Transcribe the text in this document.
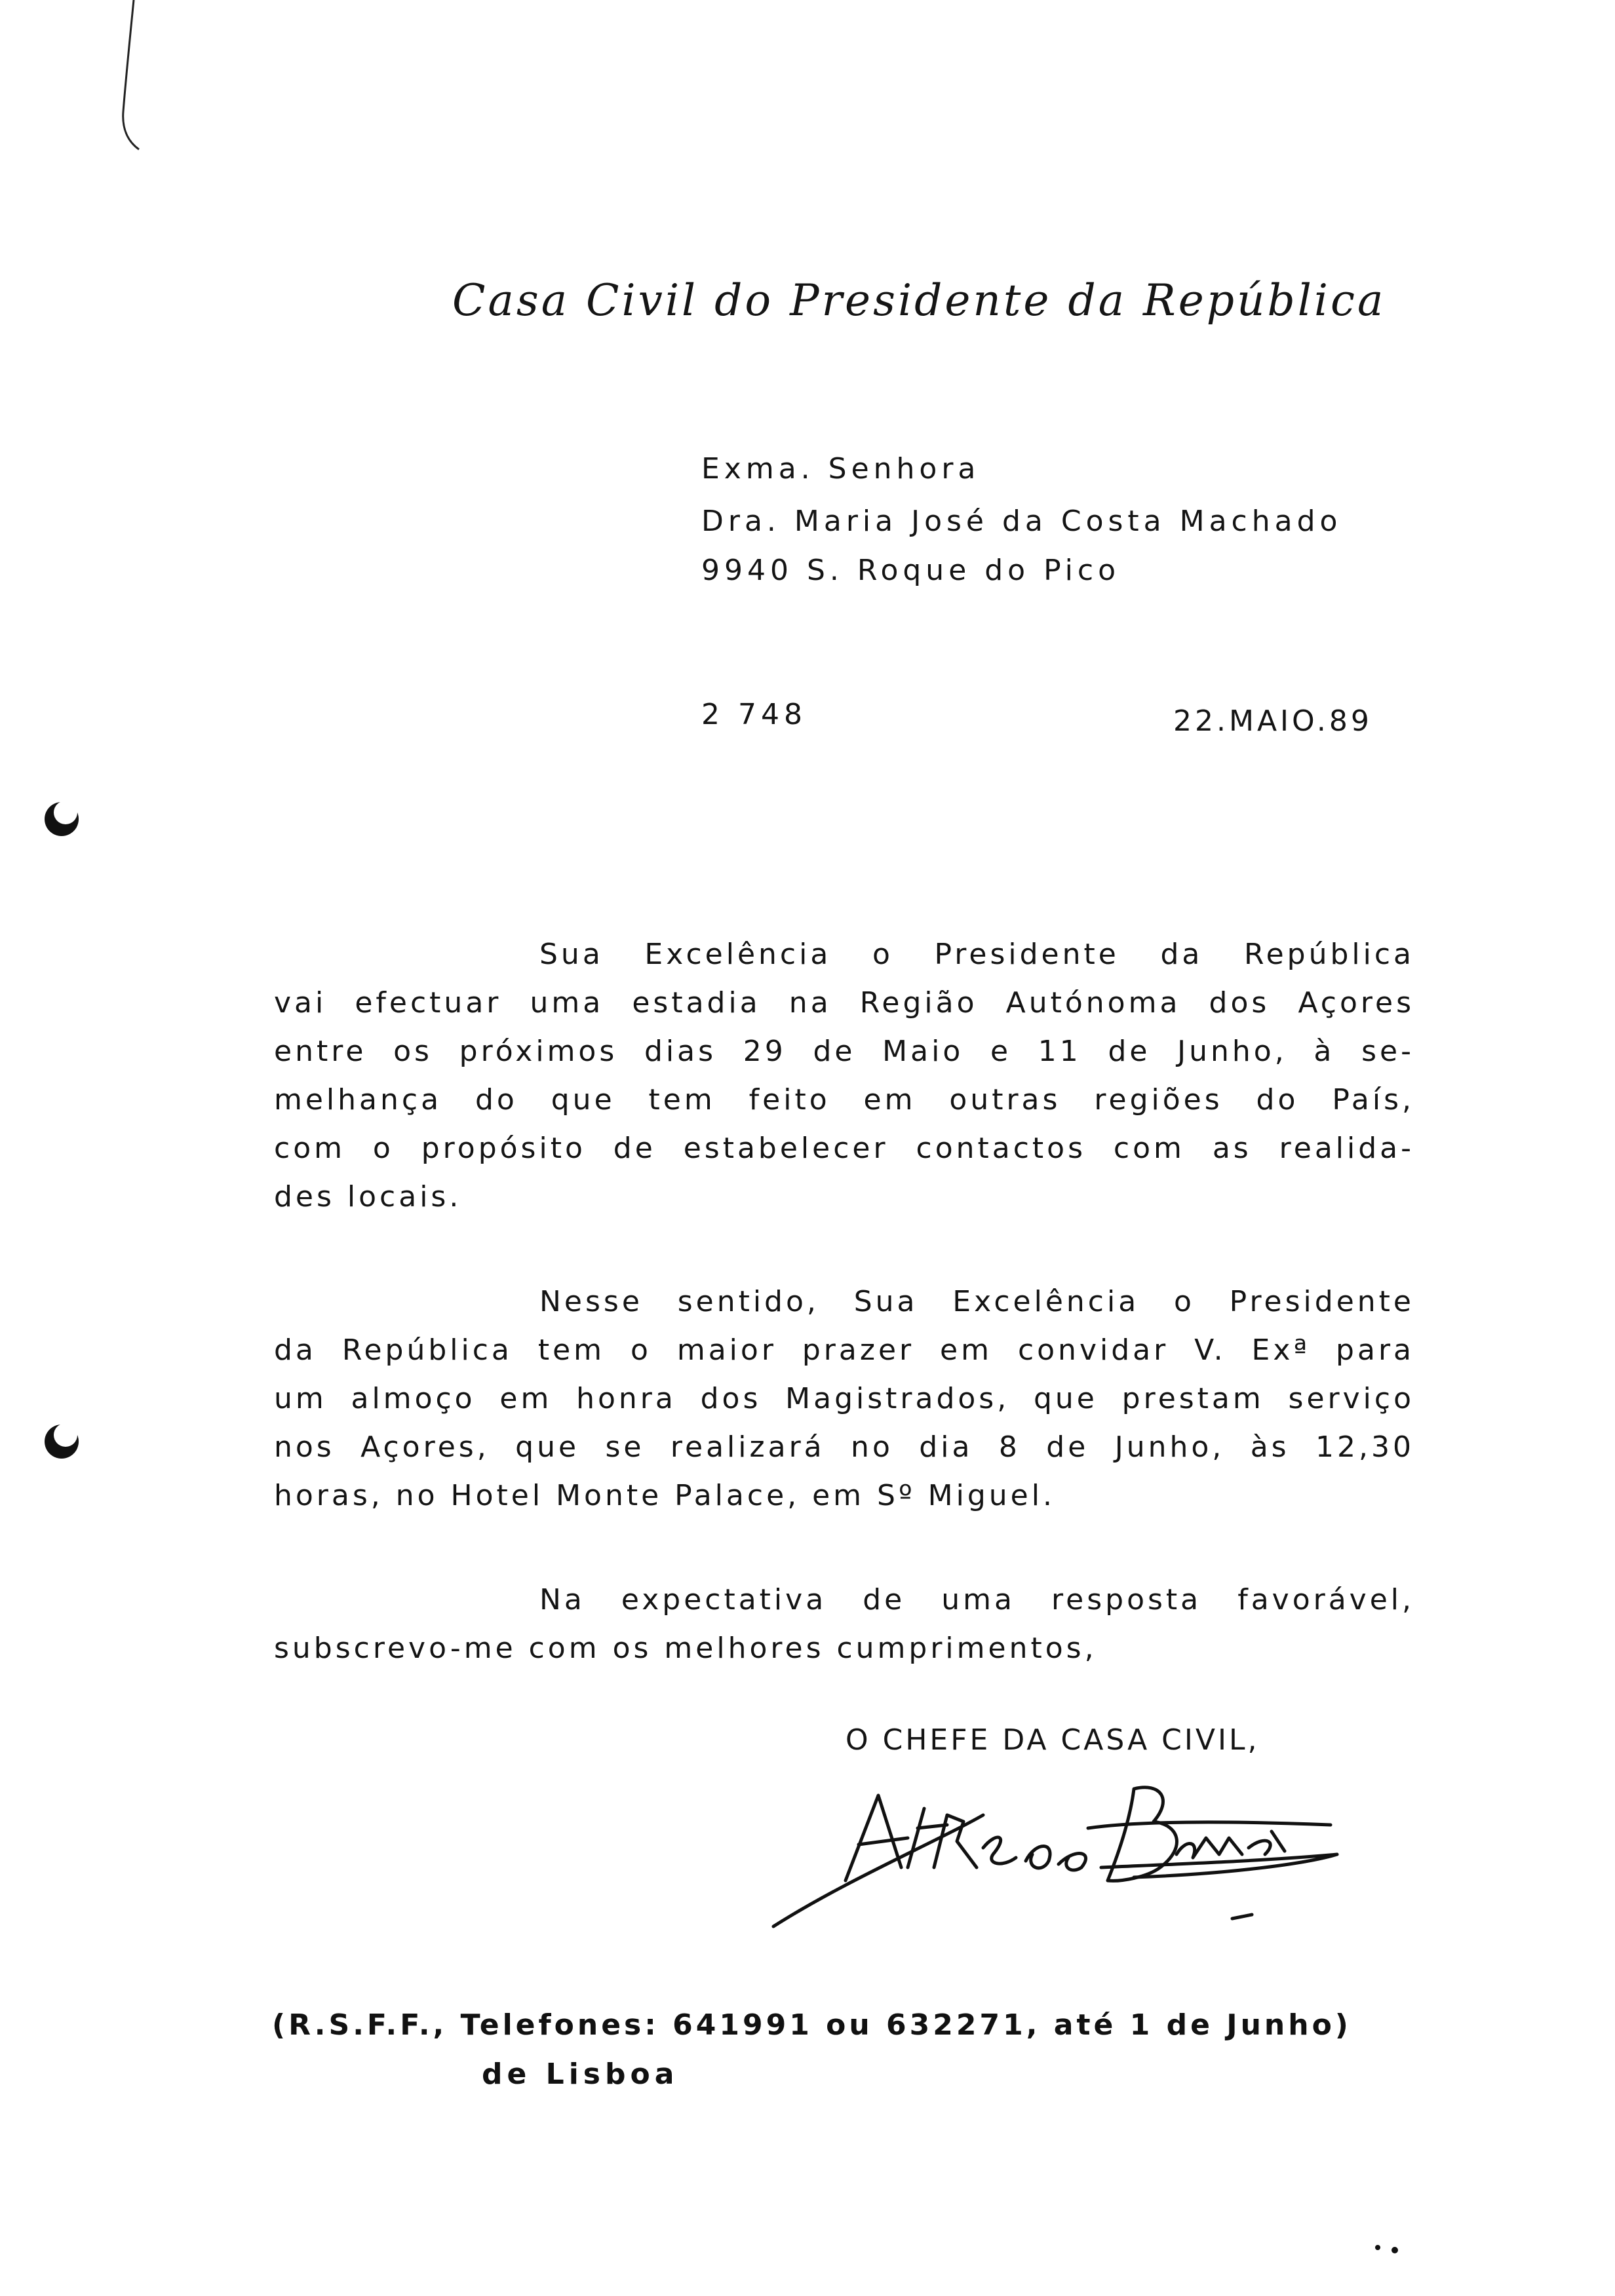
Casa Civil do Presidente da República
Exma. Senhora
Dra. Maria José da Costa Machado
9940 S. Roque do Pico
2 748	22.MAIO.89
Sua Excelência o Presidente da República
vai efectuar uma estadia na Região Autónoma dos Açores
entre os próximos dias 29 de Maio e 11 de Junho, à se-
melhança do que tem feito em outras regiões do País,
com o propósito de estabelecer contactos com as realida-
des locais.
Nesse sentido, Sua Excelência o Presidente
da República tem o maior prazer em convidar V. Exª para
um almoço em honra dos Magistrados, que prestam serviço
nos Açores, que se realizará no dia 8 de Junho, às 12,30
horas, no Hotel Monte Palace, em Sº Miguel.
Na expectativa de uma resposta favorável,
subscrevo-me com os melhores cumprimentos,
O CHEFE DA CASA CIVIL,
(R.S.F.F., Telefones: 641991 ou 632271, até 1 de Junho)
de Lisboa
